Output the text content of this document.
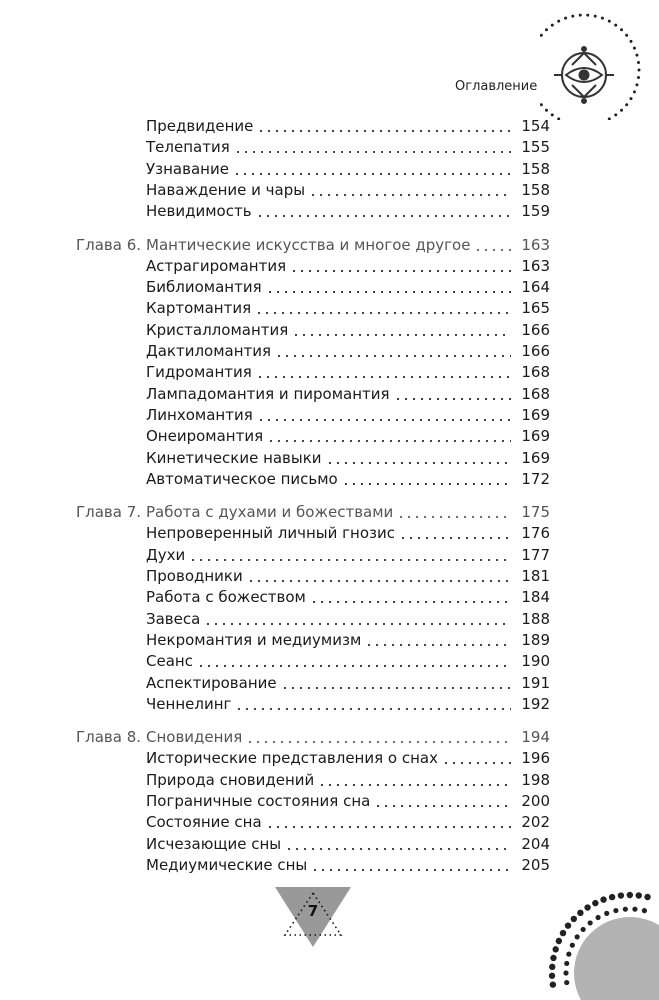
Оглавление
Предвидение	154
Телепатия	155
Узнавание	158
Наваждение и чары	158
Невидимость	159
Глава 6. Мантические искусства и многое другое	163
Астрагиромантия	163
Библиомантия	164
Картомантия	165
Кристалломантия	166
Дактиломантия	166
Гидромантия	168
Лампадомантия и пиромантия	168
Линхомантия	169
Онеиромантия	169
Кинетические навыки	169
Автоматическое письмо	172
Глава 7. Работа с духами и божествами	175
Непроверенный личный гнозис	176
Духи	177
Проводники	181
Работа с божеством	184
Завеса	188
Некромантия и медиумизм	189
Сеанс	190
Аспектирование	191
Ченнелинг	192
Глава 8. Сновидения	194
Исторические представления о снах	196
Природа сновидений	198
Пограничные состояния сна	200
Состояние сна	202
Исчезающие сны	204
Медиумические сны	205
7
